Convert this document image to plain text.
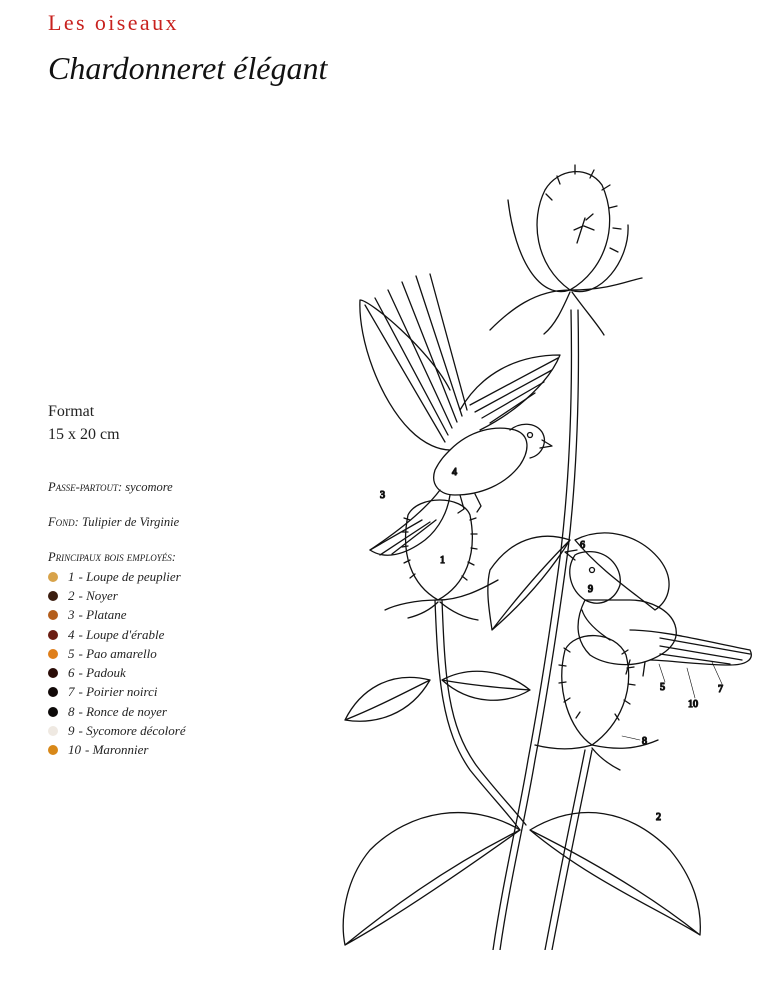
Les oiseaux
Chardonneret élégant
Format
15 x 20 cm
Passe-partout: sycomore
Fond: Tulipier de Virginie
Principaux bois employés:
1 - Loupe de peuplier
2 - Noyer
3 - Platane
4 - Loupe d'érable
5 - Pao amarello
6 - Padouk
7 - Poirier noirci
8 - Ronce de noyer
9 - Sycomore décoloré
10 - Maronnier
4
3
1
6
9
5
10
7
8
2
